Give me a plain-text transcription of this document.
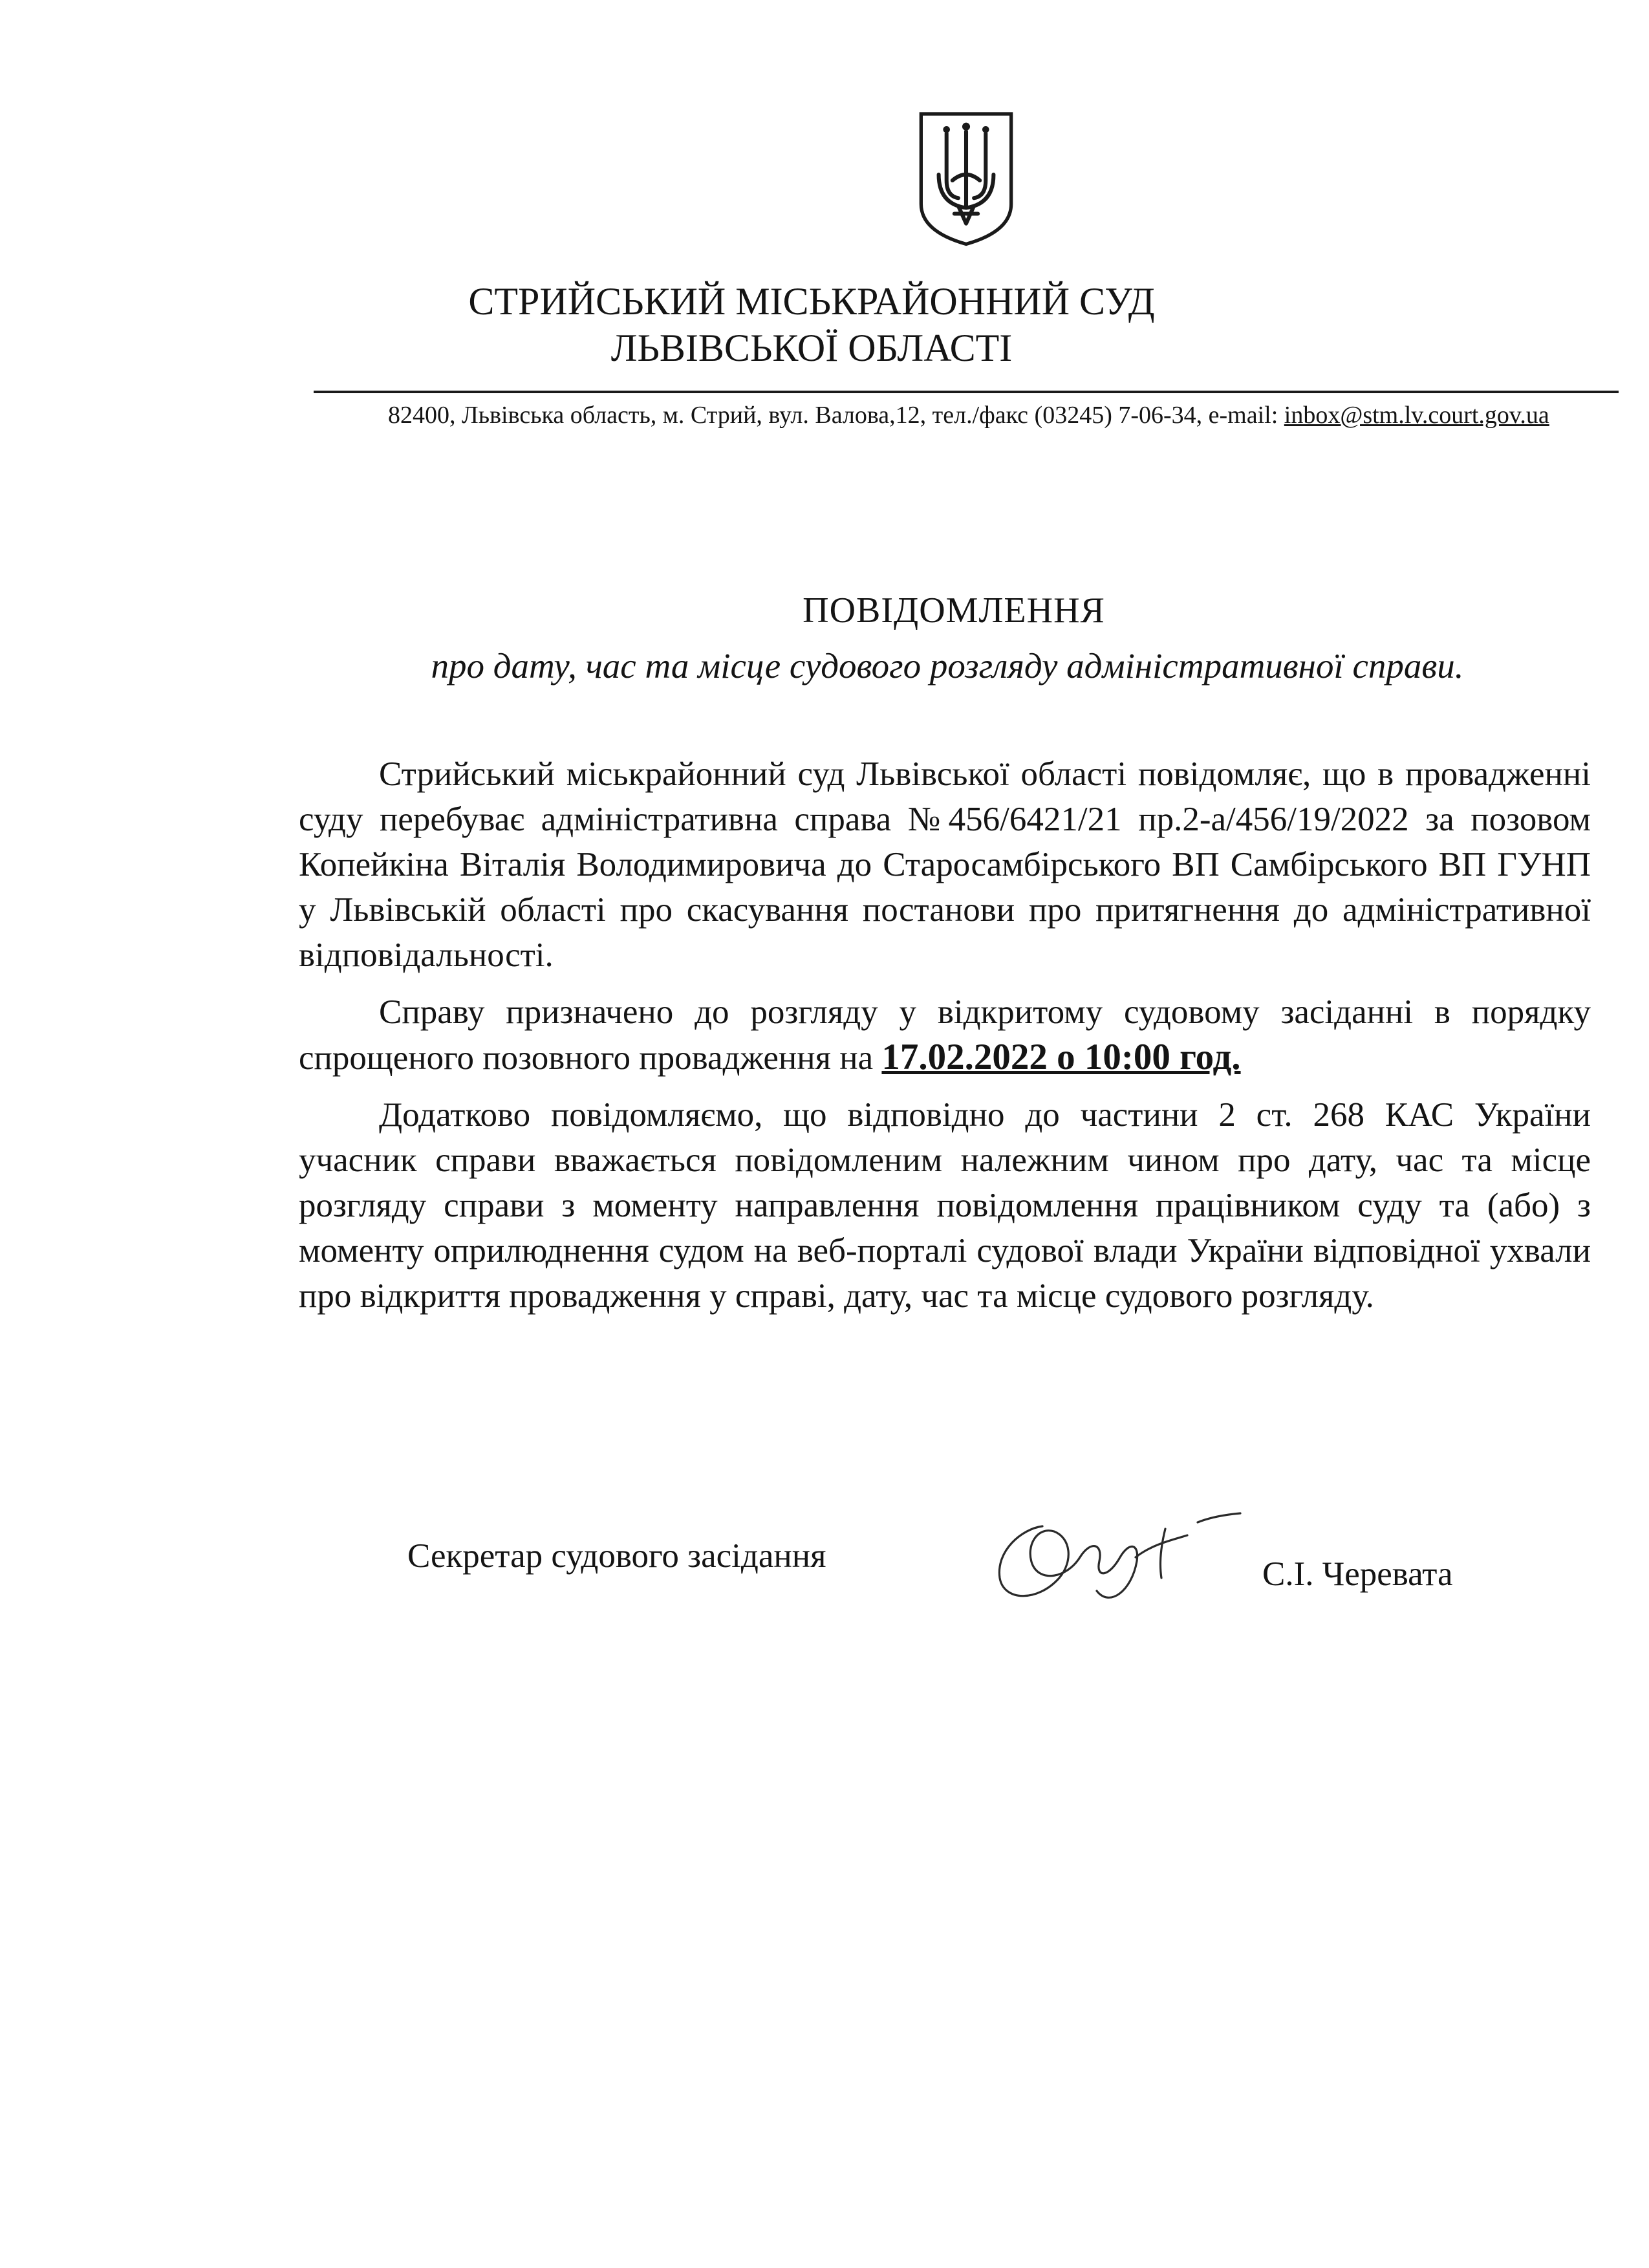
СТРИЙСЬКИЙ МІСЬКРАЙОННИЙ СУД
ЛЬВІВСЬКОЇ ОБЛАСТІ
82400, Львівська область, м. Стрий, вул. Валова,12, тел./факс (03245) 7-06-34, e-mail: inbox@stm.lv.court.gov.ua
ПОВІДОМЛЕННЯ
про дату, час та місце судового розгляду адміністративної справи.

Стрийський міськрайонний суд Львівської області повідомляє, що в провадженні суду перебуває адміністративна справа №456/6421/21 пр.2-а/456/19/2022 за позовом Копейкіна Віталія Володимировича до Старосамбірського ВП Самбірського ВП ГУНП у Львівській області про скасування постанови про притягнення до адміністративної відповідальності.

Справу призначено до розгляду у відкритому судовому засіданні в порядку спрощеного позовного провадження на 17.02.2022 о 10:00 год.

Додатково повідомляємо, що відповідно до частини 2 ст. 268 КАС України учасник справи вважається повідомленим належним чином про дату, час та місце розгляду справи з моменту направлення повідомлення працівником суду та (або) з моменту оприлюднення судом на веб-порталі судової влади України відповідної ухвали про відкриття провадження у справі, дату, час та місце судового розгляду.

Секретар судового засідання	С.І. Черевата
